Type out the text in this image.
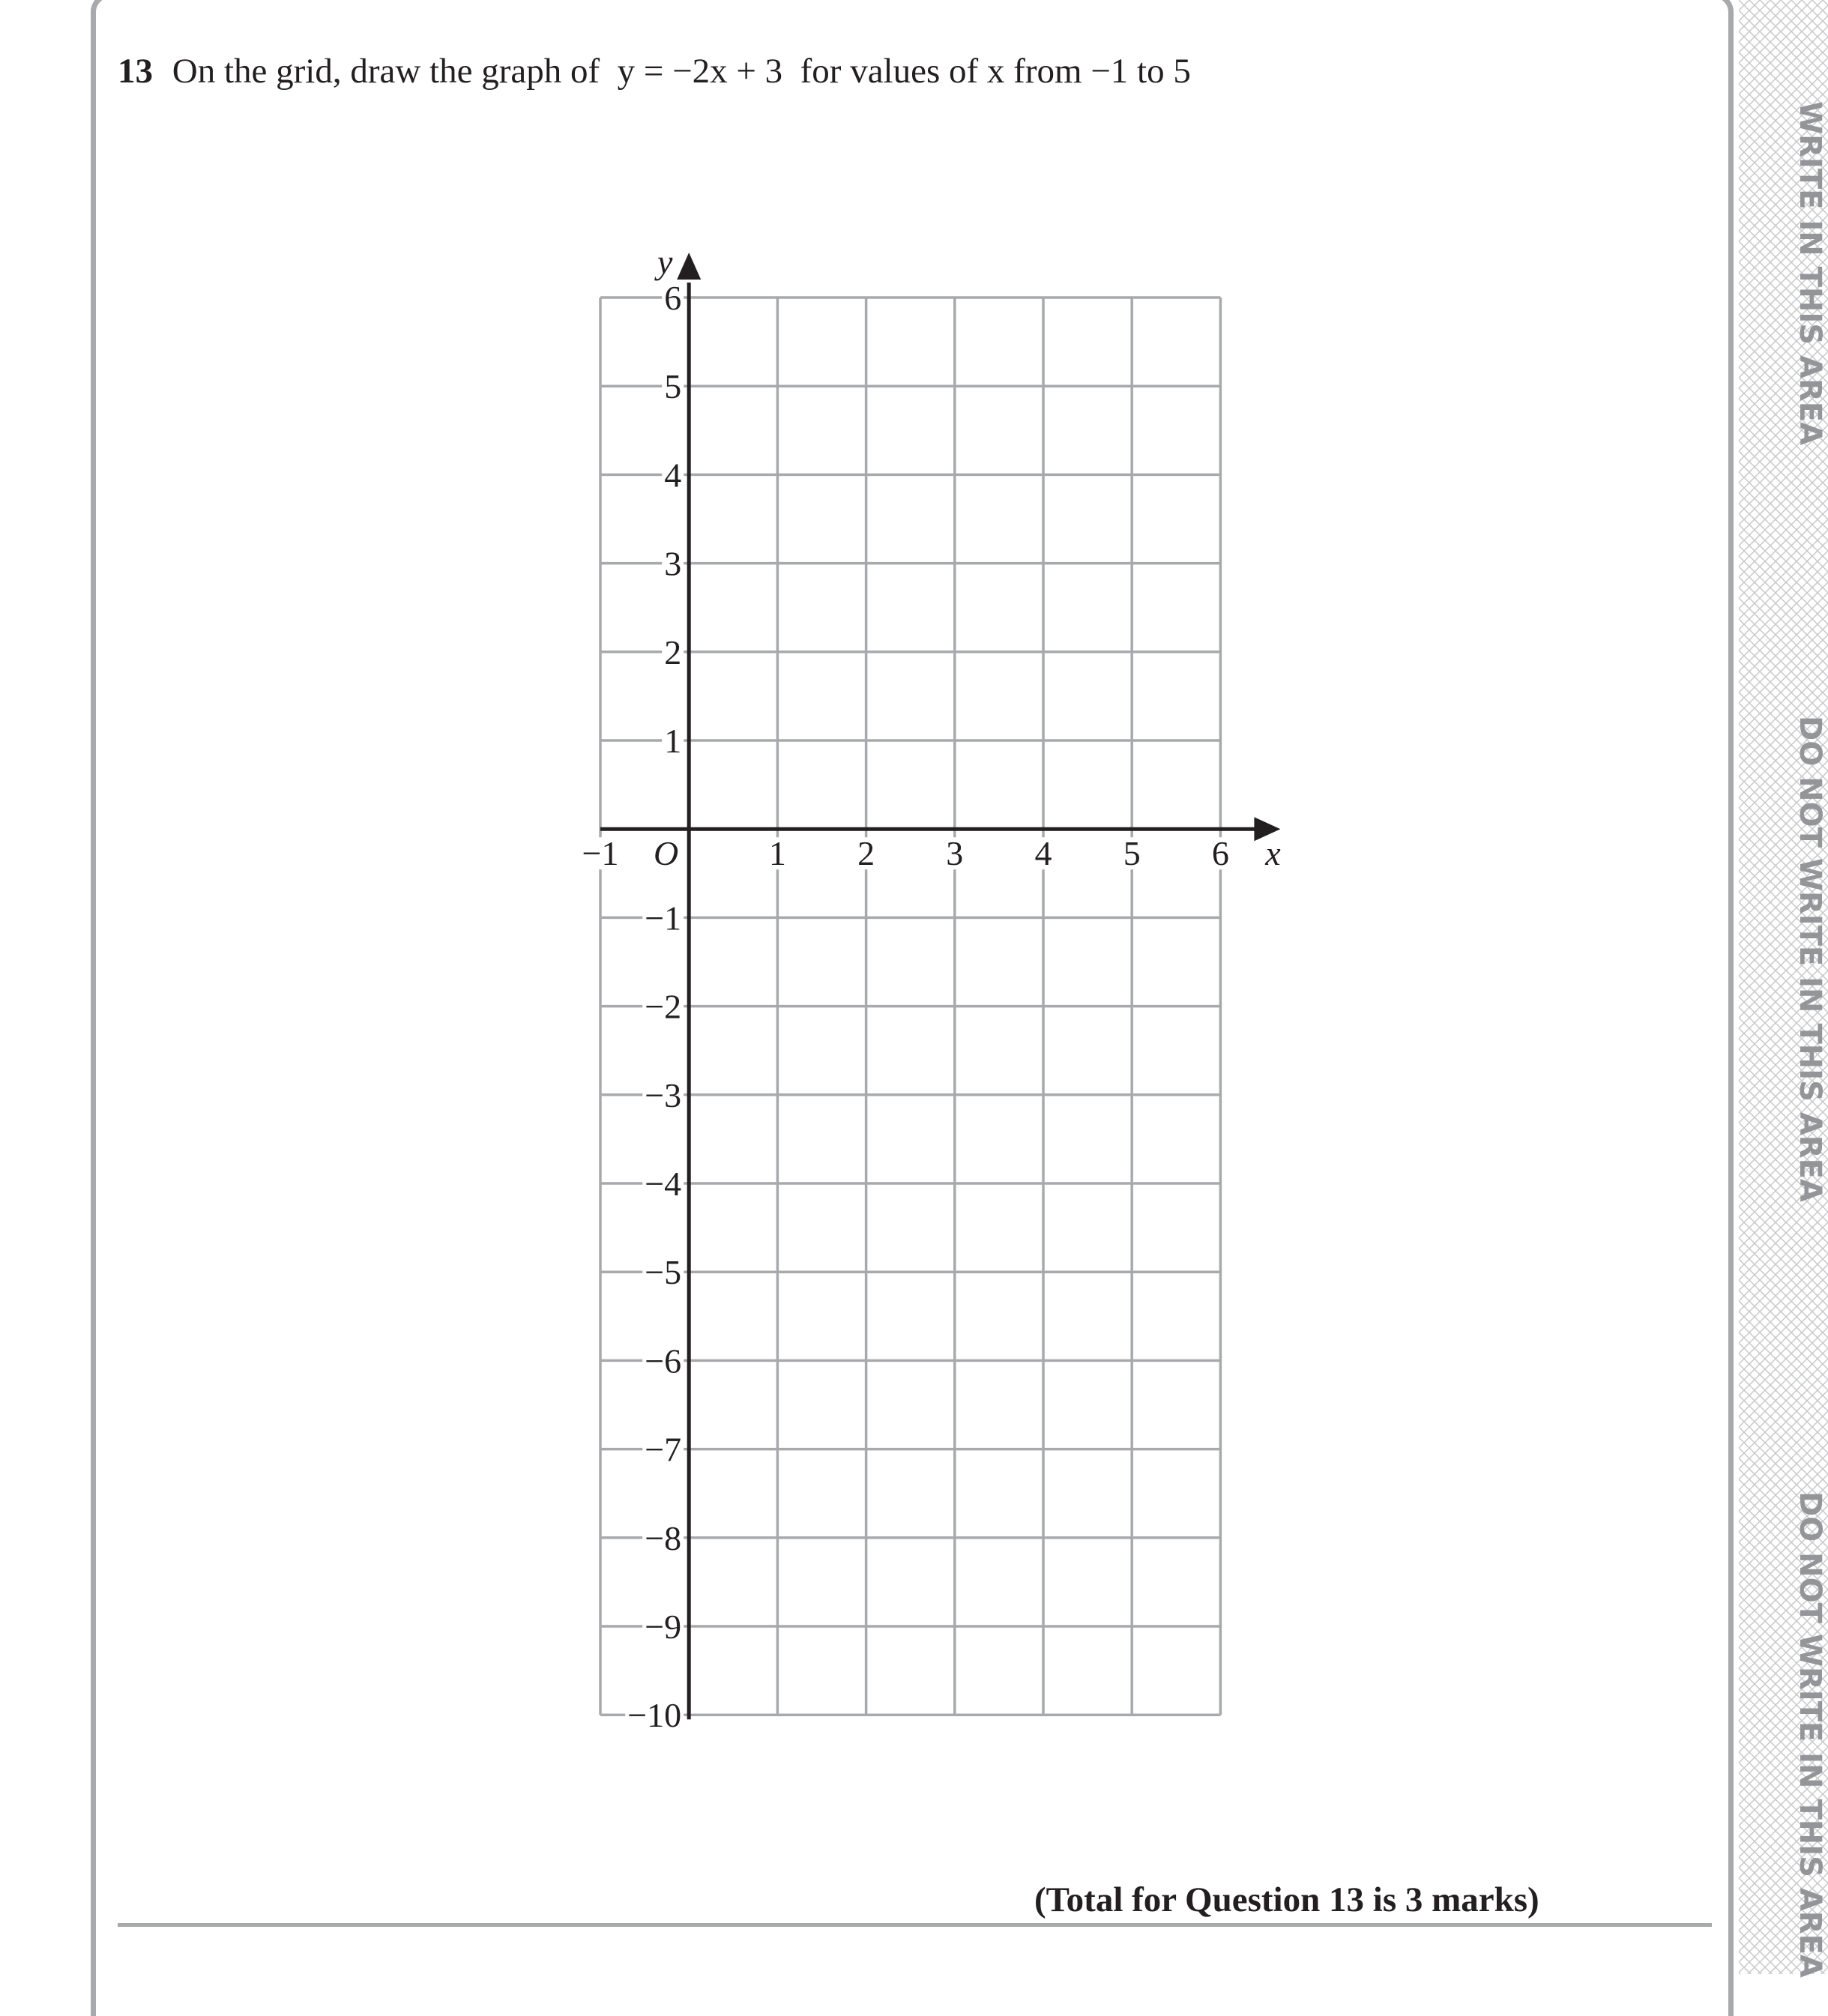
13 On the grid, draw the graph of y = −2x + 3 for values of x from −1 to 5
−1	1 2 3 4 5 6
6
5
4
3
2
1
−1
−2
−3
−4
−5
−6
−7
−8
−9
−10
O	x
y
(Total for Question 13 is 3 marks)
WRITE IN THIS AREA
DO NOT WRITE IN THIS AREA
DO NOT WRITE IN THIS AREA
